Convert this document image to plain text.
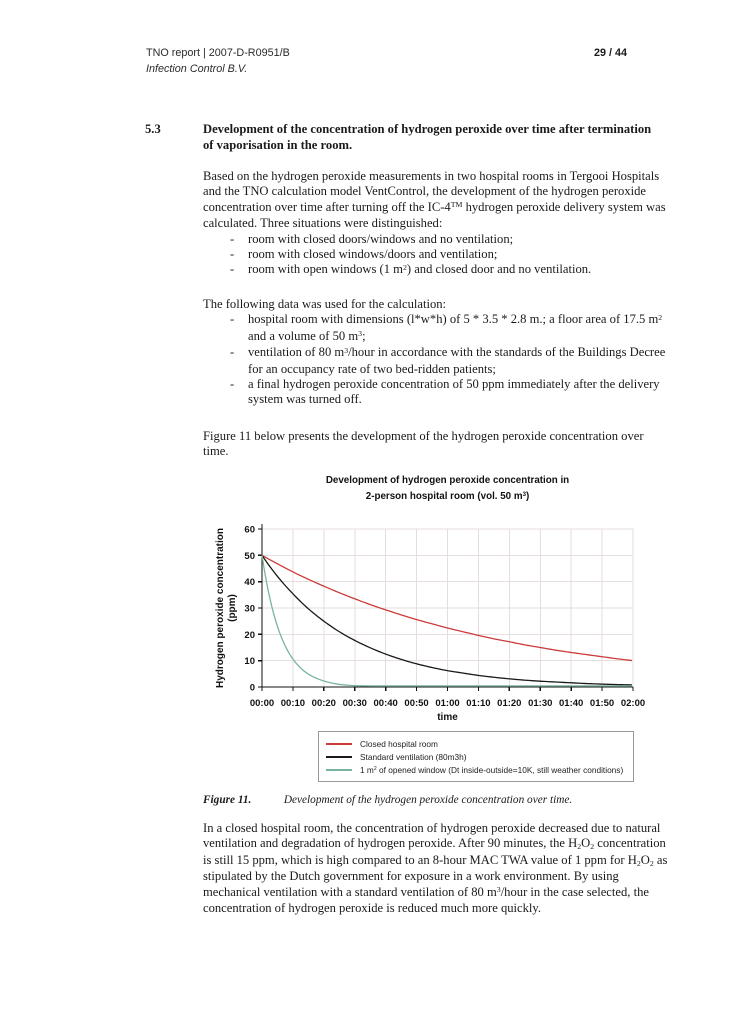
TNO report | 2007-D-R0951/B
Infection Control B.V.
29 / 44
5.3	Development of the concentration of hydrogen peroxide over time after termination of vaporisation in the room.
Based on the hydrogen peroxide measurements in two hospital rooms in Tergooi Hospitals and the TNO calculation model VentControl, the development of the hydrogen peroxide concentration over time after turning off the IC-4™ hydrogen peroxide delivery system was calculated. Three situations were distinguished:
-	room with closed doors/windows and no ventilation;
-	room with closed windows/doors and ventilation;
-	room with open windows (1 $m^2$) and closed door and no ventilation.
The following data was used for the calculation:
-	hospital room with dimensions (l*w*h) of 5 * 3.5 * 2.8 m.; a floor area of 17.5 $m^2$ and a volume of 50 $m^3$;
-	ventilation of 80 $m^3$/hour in accordance with the standards of the Buildings Decree for an occupancy rate of two bed-ridden patients;
-	a final hydrogen peroxide concentration of 50 ppm immediately after the delivery system was turned off.
Figure 11 below presents the development of the hydrogen peroxide concentration over time.
Development of hydrogen peroxide concentration in
2-person hospital room (vol. 50 $m^3$)
0
10
20
30
40
50
60
00:00 00:10 00:20 00:30 00:40 00:50 01:00 01:10 01:20 01:30 01:40 01:50 02:00
Hydrogen peroxide concentration (ppm)
time
Closed hospital room
Standard ventilation (80m3h)
1 $m^2$ of opened window (Dt inside-outside=10K, still weather conditions)
Figure 11.	Development of the hydrogen peroxide concentration over time.
In a closed hospital room, the concentration of hydrogen peroxide decreased due to natural ventilation and degradation of hydrogen peroxide. After 90 minutes, the H2O2 concentration is still 15 ppm, which is high compared to an 8-hour MAC TWA value of 1 ppm for H2O2 as stipulated by the Dutch government for exposure in a work environment. By using mechanical ventilation with a standard ventilation of 80 $m^3$/hour in the case selected, the concentration of hydrogen peroxide is reduced much more quickly.
